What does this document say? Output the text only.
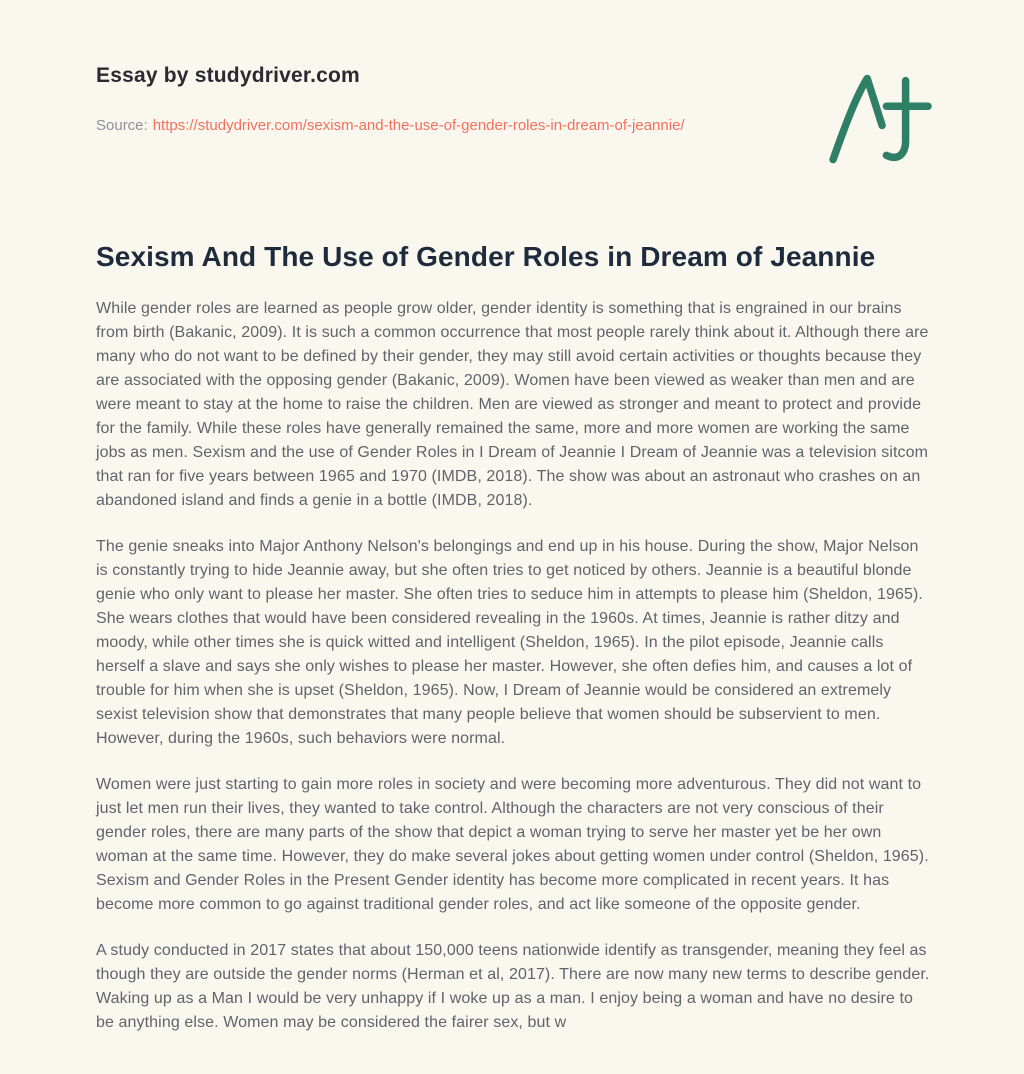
Essay by studydriver.com
Source: https://studydriver.com/sexism-and-the-use-of-gender-roles-in-dream-of-jeannie/
Sexism And The Use of Gender Roles in Dream of Jeannie

While gender roles are learned as people grow older, gender identity is something that is engrained in our brains from birth (Bakanic, 2009). It is such a common occurrence that most people rarely think about it. Although there are many who do not want to be defined by their gender, they may still avoid certain activities or thoughts because they are associated with the opposing gender (Bakanic, 2009). Women have been viewed as weaker than men and are were meant to stay at the home to raise the children. Men are viewed as stronger and meant to protect and provide for the family. While these roles have generally remained the same, more and more women are working the same jobs as men. Sexism and the use of Gender Roles in I Dream of Jeannie I Dream of Jeannie was a television sitcom that ran for five years between 1965 and 1970 (IMDB, 2018). The show was about an astronaut who crashes on an abandoned island and finds a genie in a bottle (IMDB, 2018).

The genie sneaks into Major Anthony Nelson's belongings and end up in his house. During the show, Major Nelson is constantly trying to hide Jeannie away, but she often tries to get noticed by others. Jeannie is a beautiful blonde genie who only want to please her master. She often tries to seduce him in attempts to please him (Sheldon, 1965). She wears clothes that would have been considered revealing in the 1960s. At times, Jeannie is rather ditzy and moody, while other times she is quick witted and intelligent (Sheldon, 1965). In the pilot episode, Jeannie calls herself a slave and says she only wishes to please her master. However, she often defies him, and causes a lot of trouble for him when she is upset (Sheldon, 1965). Now, I Dream of Jeannie would be considered an extremely sexist television show that demonstrates that many people believe that women should be subservient to men. However, during the 1960s, such behaviors were normal.

Women were just starting to gain more roles in society and were becoming more adventurous. They did not want to just let men run their lives, they wanted to take control. Although the characters are not very conscious of their gender roles, there are many parts of the show that depict a woman trying to serve her master yet be her own woman at the same time. However, they do make several jokes about getting women under control (Sheldon, 1965). Sexism and Gender Roles in the Present Gender identity has become more complicated in recent years. It has become more common to go against traditional gender roles, and act like someone of the opposite gender.

A study conducted in 2017 states that about 150,000 teens nationwide identify as transgender, meaning they feel as though they are outside the gender norms (Herman et al, 2017). There are now many new terms to describe gender. Waking up as a Man I would be very unhappy if I woke up as a man. I enjoy being a woman and have no desire to be anything else. Women may be considered the fairer sex, but w
